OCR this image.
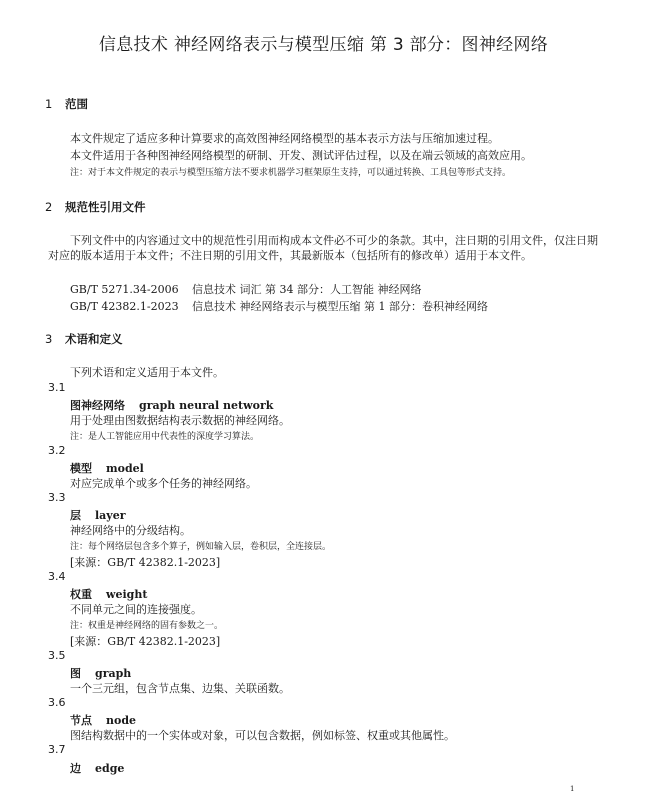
信息技术 神经网络表示与模型压缩 第 3 部分：图神经网络
1 范围
本文件规定了适应多种计算要求的高效图神经网络模型的基本表示方法与压缩加速过程。
本文件适用于各种图神经网络模型的研制、开发、测试评估过程，以及在端云领域的高效应用。
注：对于本文件规定的表示与模型压缩方法不要求机器学习框架原生支持，可以通过转换、工具包等形式支持。
2 规范性引用文件
下列文件中的内容通过文中的规范性引用而构成本文件必不可少的条款。其中，注日期的引用文件，仅注日期对应的版本适用于本文件；不注日期的引用文件，其最新版本（包括所有的修改单）适用于本文件。
GB/T 5271.34-2006 信息技术 词汇 第 34 部分：人工智能 神经网络
GB/T 42382.1-2023 信息技术 神经网络表示与模型压缩 第 1 部分：卷积神经网络
3 术语和定义
下列术语和定义适用于本文件。
3.1
图神经网络 graph neural network
用于处理由图数据结构表示数据的神经网络。
注：是人工智能应用中代表性的深度学习算法。
3.2
模型 model
对应完成单个或多个任务的神经网络。
3.3
层 layer
神经网络中的分级结构。
注：每个网络层包含多个算子，例如输入层，卷积层，全连接层。
[来源：GB/T 42382.1-2023]
3.4
权重 weight
不同单元之间的连接强度。
注：权重是神经网络的固有参数之一。
[来源：GB/T 42382.1-2023]
3.5
图 graph
一个三元组，包含节点集、边集、关联函数。
3.6
节点 node
图结构数据中的一个实体或对象，可以包含数据，例如标签、权重或其他属性。
3.7
边 edge
1
